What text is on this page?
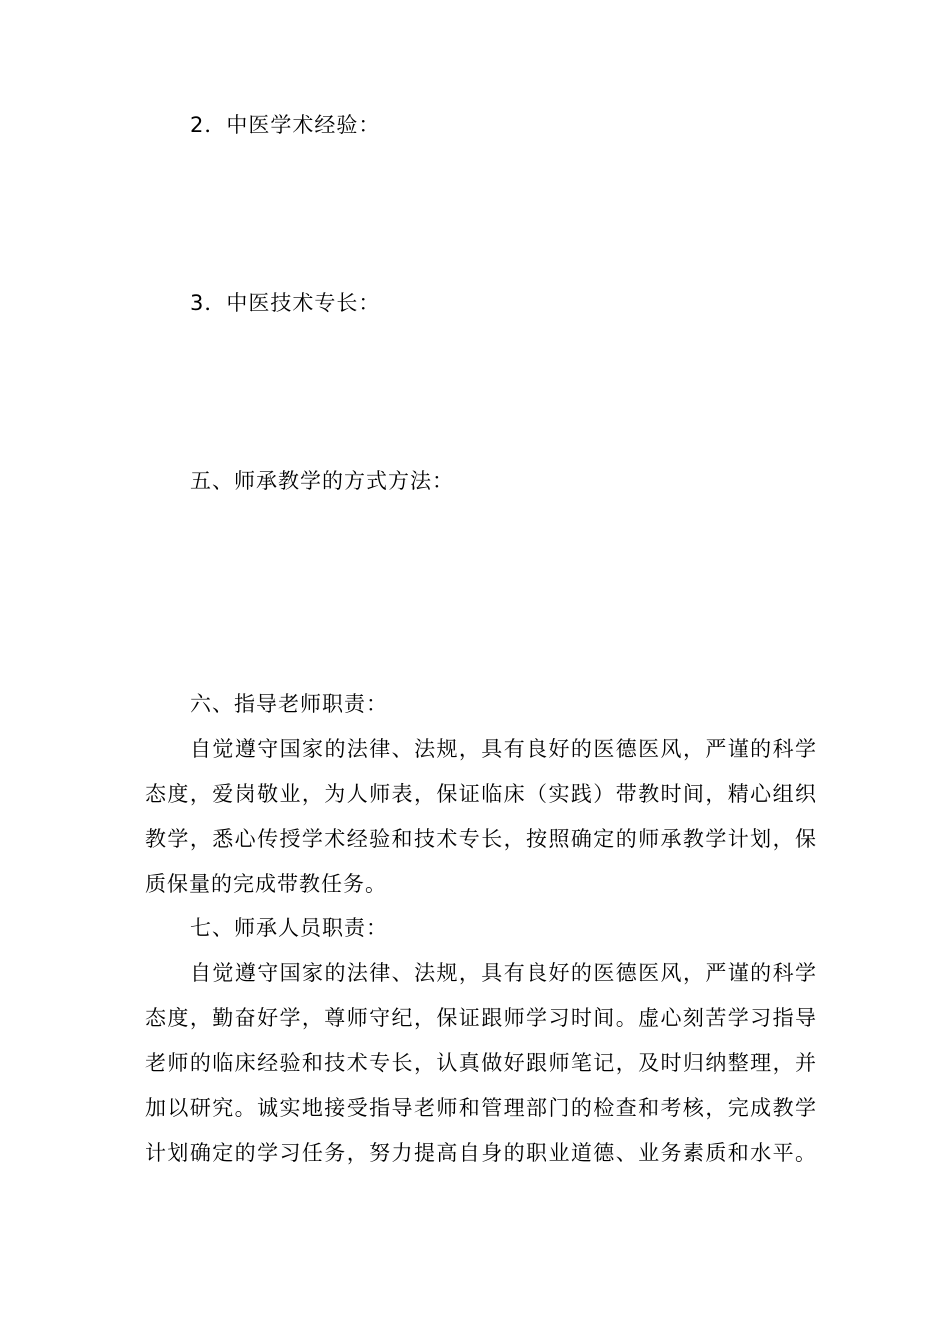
2．中医学术经验：
3．中医技术专长：
五、师承教学的方式方法：
六、指导老师职责：
自觉遵守国家的法律、法规，具有良好的医德医风，严谨的科学
态度，爱岗敬业，为人师表，保证临床（实践）带教时间，精心组织
教学，悉心传授学术经验和技术专长，按照确定的师承教学计划，保
质保量的完成带教任务。
七、师承人员职责：
自觉遵守国家的法律、法规，具有良好的医德医风，严谨的科学
态度，勤奋好学，尊师守纪，保证跟师学习时间。虚心刻苦学习指导
老师的临床经验和技术专长，认真做好跟师笔记，及时归纳整理，并
加以研究。诚实地接受指导老师和管理部门的检查和考核，完成教学
计划确定的学习任务，努力提高自身的职业道德、业务素质和水平。
